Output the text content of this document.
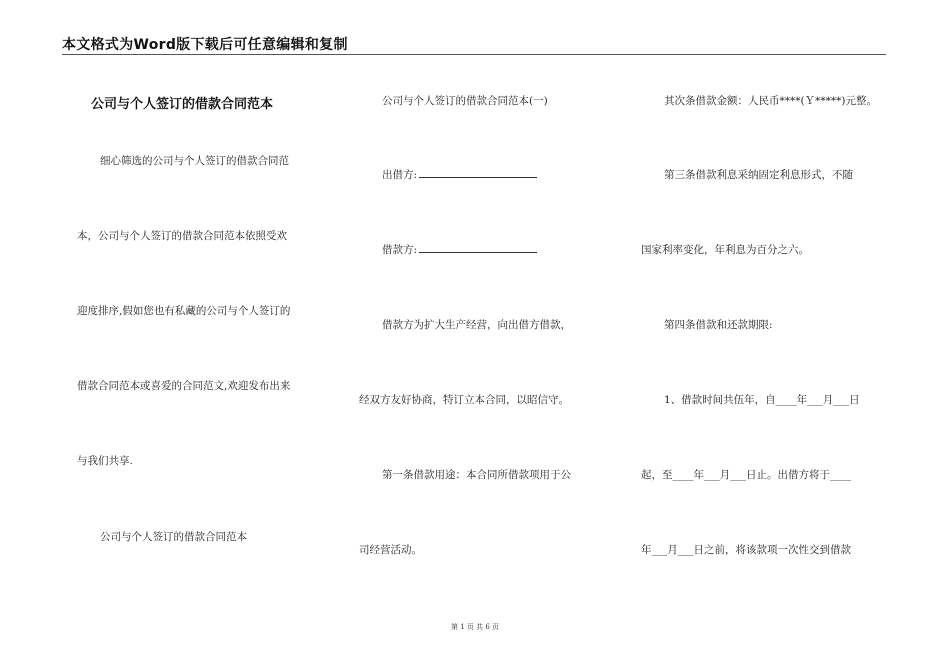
本文格式为Word版下载后可任意编辑和复制
公司与个人签订的借款合同范本
细心筛选的公司与个人签订的借款合同范
本，公司与个人签订的借款合同范本依照受欢
迎度排序,假如您也有私藏的公司与个人签订的
借款合同范本或喜爱的合同范文,欢迎发布出来
与我们共享.
公司与个人签订的借款合同范本
公司与个人签订的借款合同范本(一)
出借方:
借款方:
借款方为扩大生产经营，向出借方借款，
经双方友好协商，特订立本合同，以昭信守。
第一条借款用途：本合同所借款项用于公
司经营活动。
其次条借款金额：人民币****(Ｙ*****)元整。
第三条借款利息采纳固定利息形式，不随
国家利率变化，年利息为百分之六。
第四条借款和还款期限:
1、借款时间共伍年，自____年___月___日
起，至____年___月___日止。出借方将于____
年___月___日之前，将该款项一次性交到借款
第 1 页 共 6 页
